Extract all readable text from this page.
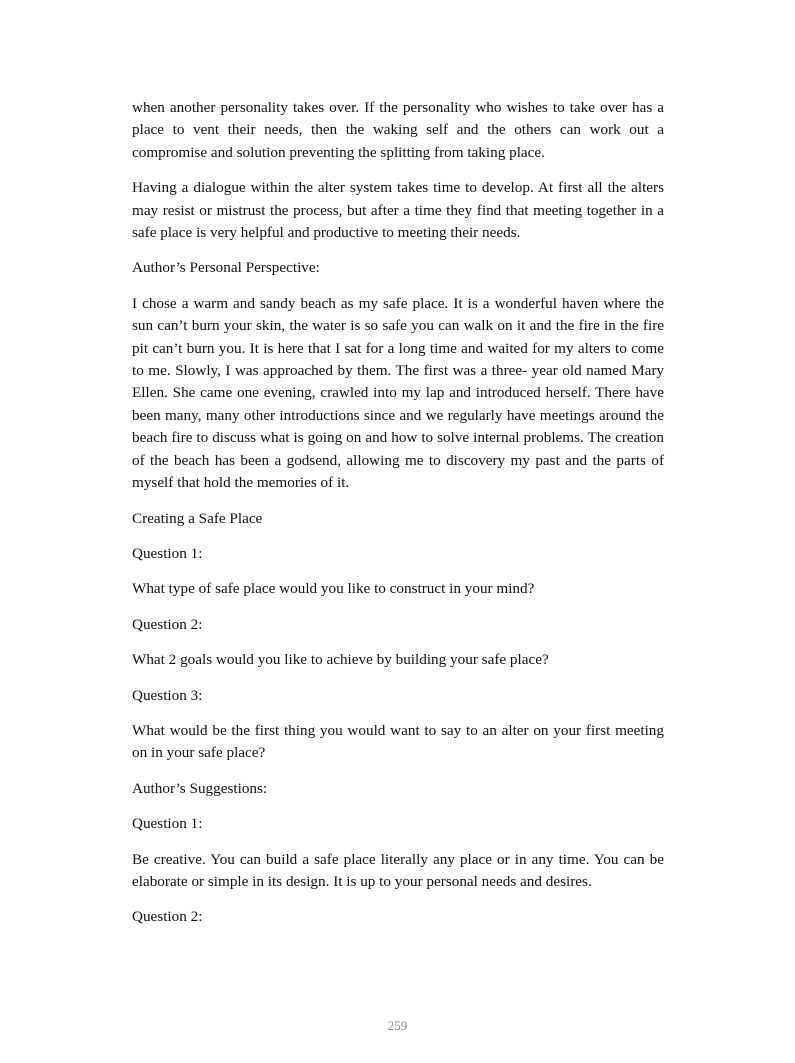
when another personality takes over. If the personality who wishes to take over has a place to vent their needs, then the waking self and the others can work out a compromise and solution preventing the splitting from taking place.

Having a dialogue within the alter system takes time to develop. At first all the alters may resist or mistrust the process, but after a time they find that meeting together in a safe place is very helpful and productive to meeting their needs.

Author’s Personal Perspective:

I chose a warm and sandy beach as my safe place. It is a wonderful haven where the sun can’t burn your skin, the water is so safe you can walk on it and the fire in the fire pit can’t burn you. It is here that I sat for a long time and waited for my alters to come to me. Slowly, I was approached by them. The first was a three- year old named Mary Ellen. She came one evening, crawled into my lap and introduced herself. There have been many, many other introductions since and we regularly have meetings around the beach fire to discuss what is going on and how to solve internal problems. The creation of the beach has been a godsend, allowing me to discovery my past and the parts of myself that hold the memories of it.

Creating a Safe Place

Question 1:

What type of safe place would you like to construct in your mind?

Question 2:

What 2 goals would you like to achieve by building your safe place?

Question 3:

What would be the first thing you would want to say to an alter on your first meeting on in your safe place?

Author’s Suggestions:

Question 1:

Be creative. You can build a safe place literally any place or in any time. You can be elaborate or simple in its design. It is up to your personal needs and desires.

Question 2:

259
